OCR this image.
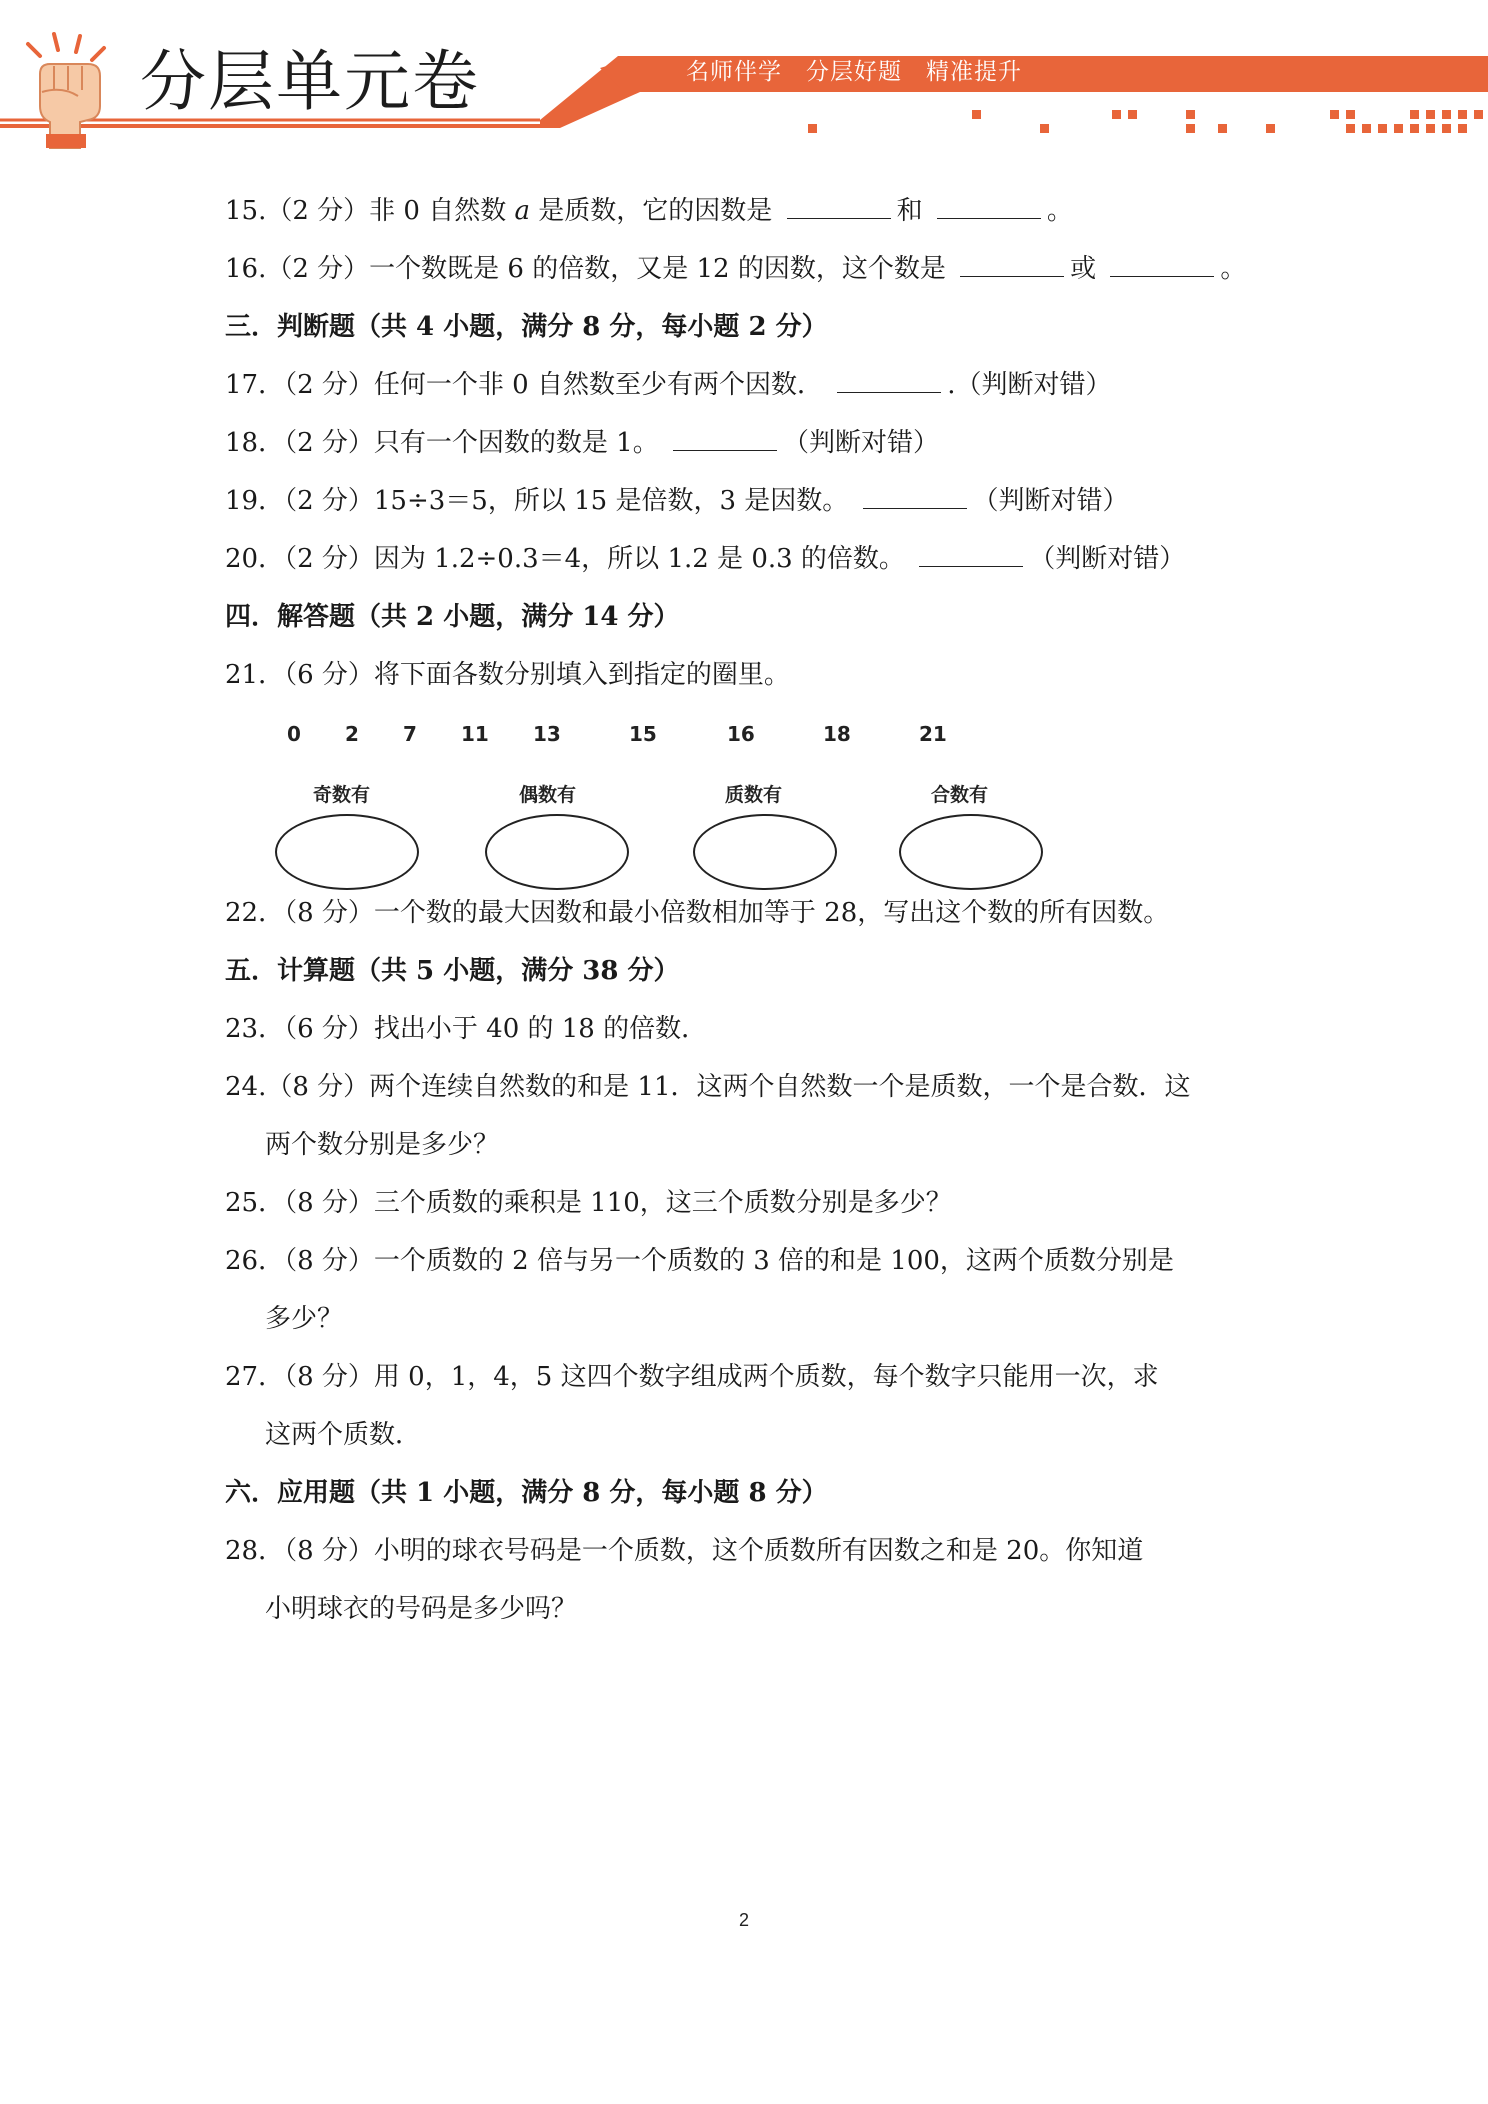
分层单元卷	名师伴学 分层好题 精准提升
15.（2 分）非 0 自然数 a 是质数，它的因数是	和	。
16.（2 分）一个数既是 6 的倍数，又是 12 的因数，这个数是	或	。
三．判断题（共 4 小题，满分 8 分，每小题 2 分）
17．（2 分）任何一个非 0 自然数至少有两个因数．	.（判断对错）
18．（2 分）只有一个因数的数是 1。	（判断对错）
19．（2 分）15÷3＝5，所以 15 是倍数，3 是因数。	（判断对错）
20．（2 分）因为 1.2÷0.3＝4，所以 1.2 是 0.3 的倍数。	（判断对错）
四．解答题（共 2 小题，满分 14 分）
21．（6 分）将下面各数分别填入到指定的圈里。
0 2 7 11 13	15	16	18	21
奇数有	偶数有	质数有	合数有
22．（8 分）一个数的最大因数和最小倍数相加等于 28，写出这个数的所有因数。
五．计算题（共 5 小题，满分 38 分）
23．（6 分）找出小于 40 的 18 的倍数．
24.（8 分）两个连续自然数的和是 11．这两个自然数一个是质数，一个是合数．这
两个数分别是多少？
25．（8 分）三个质数的乘积是 110，这三个质数分别是多少？
26．（8 分）一个质数的 2 倍与另一个质数的 3 倍的和是 100，这两个质数分别是
多少？
27．（8 分）用 0，1，4，5 这四个数字组成两个质数，每个数字只能用一次，求
这两个质数．
六．应用题（共 1 小题，满分 8 分，每小题 8 分）
28．（8 分）小明的球衣号码是一个质数，这个质数所有因数之和是 20。你知道
小明球衣的号码是多少吗？
2
